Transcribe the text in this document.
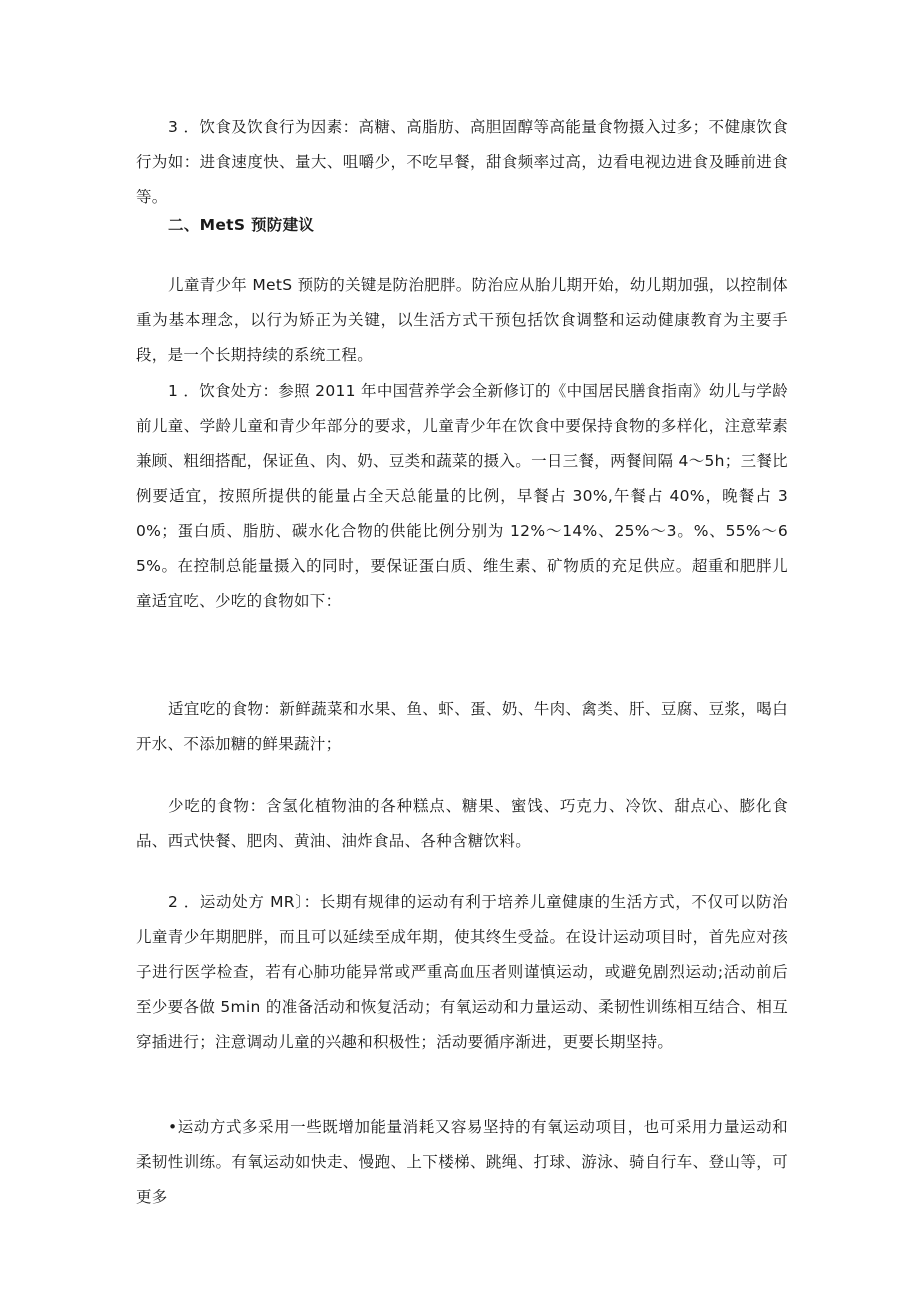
3 ．饮食及饮食行为因素：高糖、高脂肪、高胆固醇等高能量食物摄入过多；不健康饮食行为如：进食速度快、量大、咀嚼少，不吃早餐，甜食频率过高，边看电视边进食及睡前进食等。

二、MetS 预防建议

儿童青少年 MetS 预防的关键是防治肥胖。防治应从胎儿期开始，幼儿期加强，以控制体重为基本理念，以行为矫正为关键，以生活方式干预包括饮食调整和运动健康教育为主要手段，是一个长期持续的系统工程。

1 ．饮食处方：参照 2011 年中国营养学会全新修订的《中国居民膳食指南》幼儿与学龄前儿童、学龄儿童和青少年部分的要求，儿童青少年在饮食中要保持食物的多样化，注意荤素兼顾、粗细搭配，保证鱼、肉、奶、豆类和蔬菜的摄入。一日三餐，两餐间隔 4～5h；三餐比例要适宜，按照所提供的能量占全天总能量的比例，早餐占 30%,午餐占 40%，晚餐占 30%；蛋白质、脂肪、碳水化合物的供能比例分别为 12%～14%、25%～3。%、55%～65%。在控制总能量摄入的同时，要保证蛋白质、维生素、矿物质的充足供应。超重和肥胖儿童适宜吃、少吃的食物如下：

适宜吃的食物：新鲜蔬菜和水果、鱼、虾、蛋、奶、牛肉、禽类、肝、豆腐、豆浆，喝白开水、不添加糖的鲜果蔬汁；

少吃的食物：含氢化植物油的各种糕点、糖果、蜜饯、巧克力、冷饮、甜点心、膨化食品、西式快餐、肥肉、黄油、油炸食品、各种含糖饮料。

2 ．运动处方 MR〕：长期有规律的运动有利于培养儿童健康的生活方式，不仅可以防治儿童青少年期肥胖，而且可以延续至成年期，使其终生受益。在设计运动项目时，首先应对孩子进行医学检查，若有心肺功能异常或严重高血压者则谨慎运动，或避免剧烈运动;活动前后至少要各做 5min 的准备活动和恢复活动；有氧运动和力量运动、柔韧性训练相互结合、相互穿插进行；注意调动儿童的兴趣和积极性；活动要循序渐进，更要长期坚持。

•运动方式多采用一些既增加能量消耗又容易坚持的有氧运动项目，也可采用力量运动和柔韧性训练。有氧运动如快走、慢跑、上下楼梯、跳绳、打球、游泳、骑自行车、登山等，可更多
